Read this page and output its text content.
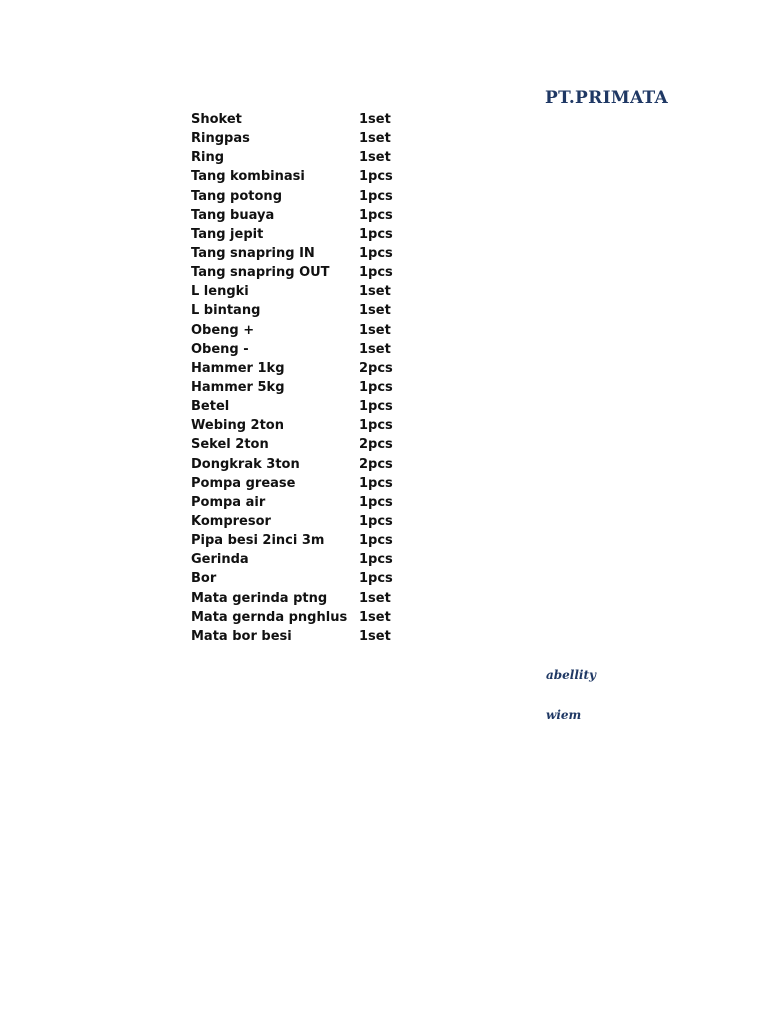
PT.PRIMATA
Shoket	1set
Ringpas	1set
Ring	1set
Tang kombinasi	1pcs
Tang potong	1pcs
Tang buaya	1pcs
Tang jepit	1pcs
Tang snapring IN	1pcs
Tang snapring OUT 1pcs
L lengki	1set
L bintang	1set
Obeng +	1set
Obeng -	1set
Hammer 1kg	2pcs
Hammer 5kg	1pcs
Betel	1pcs
Webing 2ton	1pcs
Sekel 2ton	2pcs
Dongkrak 3ton	2pcs
Pompa grease	1pcs
Pompa air	1pcs
Kompresor	1pcs
Pipa besi 2inci 3m	1pcs
Gerinda	1pcs
Bor	1pcs
Mata gerinda ptng 1set
Mata gernda pnghlus 1set
Mata bor besi	1set
abellity
wiem
